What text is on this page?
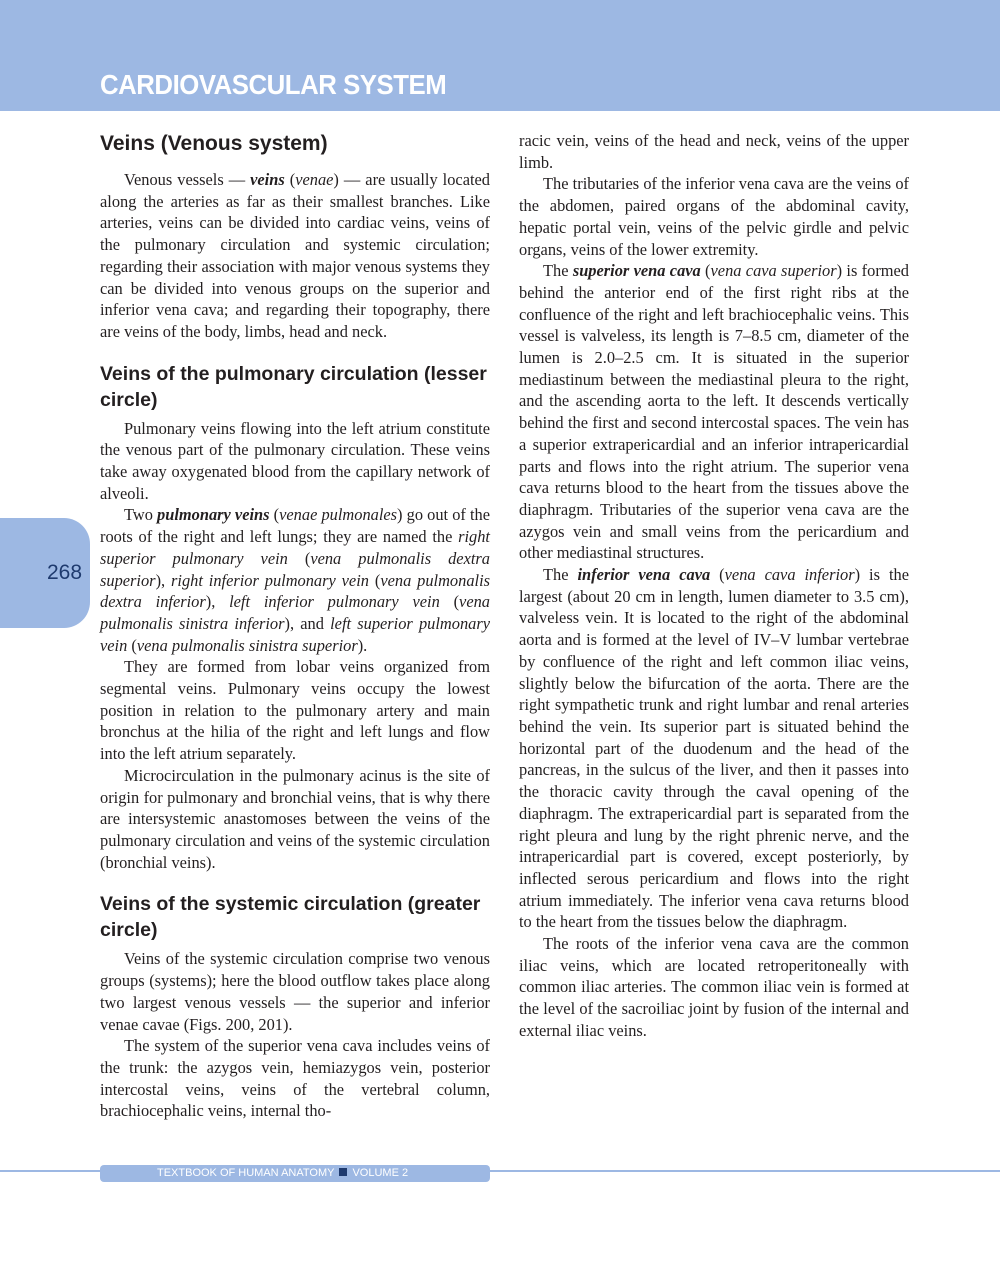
CARDIOVASCULAR SYSTEM
268
Veins (Venous system)

Venous vessels — veins (venae) — are usually located along the arteries as far as their smallest branches. Like arteries, veins can be divided into cardiac veins, veins of the pulmonary circulation and systemic circulation; regarding their association with major venous systems they can be divided into venous groups on the superior and inferior vena cava; and regarding their topography, there are veins of the body, limbs, head and neck.

Veins of the pulmonary circulation (lesser circle)

Pulmonary veins flowing into the left atrium constitute the venous part of the pulmonary circulation. These veins take away oxygenated blood from the capillary network of alveoli.

Two pulmonary veins (venae pulmonales) go out of the roots of the right and left lungs; they are named the right superior pulmonary vein (vena pulmonalis dextra superior), right inferior pulmonary vein (vena pulmonalis dextra inferior), left inferior pulmonary vein (vena pulmonalis sinistra inferior), and left superior pulmonary vein (vena pulmonalis sinistra superior).

They are formed from lobar veins organized from segmental veins. Pulmonary veins occupy the lowest position in relation to the pulmonary artery and main bronchus at the hilia of the right and left lungs and flow into the left atrium separately.

Microcirculation in the pulmonary acinus is the site of origin for pulmonary and bronchial veins, that is why there are intersystemic anastomoses between the veins of the pulmonary circulation and veins of the systemic circulation (bronchial veins).

Veins of the systemic circulation (greater circle)

Veins of the systemic circulation comprise two venous groups (systems); here the blood outflow takes place along two largest venous vessels — the superior and inferior venae cavae (Figs. 200, 201).

The system of the superior vena cava includes veins of the trunk: the azygos vein, hemiazygos vein, posterior intercostal veins, veins of the vertebral column, brachiocephalic veins, internal tho-

racic vein, veins of the head and neck, veins of the upper limb.

The tributaries of the inferior vena cava are the veins of the abdomen, paired organs of the abdominal cavity, hepatic portal vein, veins of the pelvic girdle and pelvic organs, veins of the lower extremity.

The superior vena cava (vena cava superior) is formed behind the anterior end of the first right ribs at the confluence of the right and left brachiocephalic veins. This vessel is valveless, its length is 7–8.5 cm, diameter of the lumen is 2.0–2.5 cm. It is situated in the superior mediastinum between the mediastinal pleura to the right, and the ascending aorta to the left. It descends vertically behind the first and second intercostal spaces. The vein has a superior extrapericardial and an inferior intrapericardial parts and flows into the right atrium. The superior vena cava returns blood to the heart from the tissues above the diaphragm. Tributaries of the superior vena cava are the azygos vein and small veins from the pericardium and other mediastinal structures.

The inferior vena cava (vena cava inferior) is the largest (about 20 cm in length, lumen diameter to 3.5 cm), valveless vein. It is located to the right of the abdominal aorta and is formed at the level of IV–V lumbar vertebrae by confluence of the right and left common iliac veins, slightly below the bifurcation of the aorta. There are the right sympathetic trunk and right lumbar and renal arteries behind the vein. Its superior part is situated behind the horizontal part of the duodenum and the head of the pancreas, in the sulcus of the liver, and then it passes into the thoracic cavity through the caval opening of the diaphragm. The extrapericardial part is separated from the right pleura and lung by the right phrenic nerve, and the intrapericardial part is covered, except posteriorly, by inflected serous pericardium and flows into the right atrium immediately. The inferior vena cava returns blood to the heart from the tissues below the diaphragm.

The roots of the inferior vena cava are the common iliac veins, which are located retroperitoneally with common iliac arteries. The common iliac vein is formed at the level of the sacroiliac joint by fusion of the internal and external iliac veins.

TEXTBOOK OF HUMAN ANATOMY VOLUME 2
